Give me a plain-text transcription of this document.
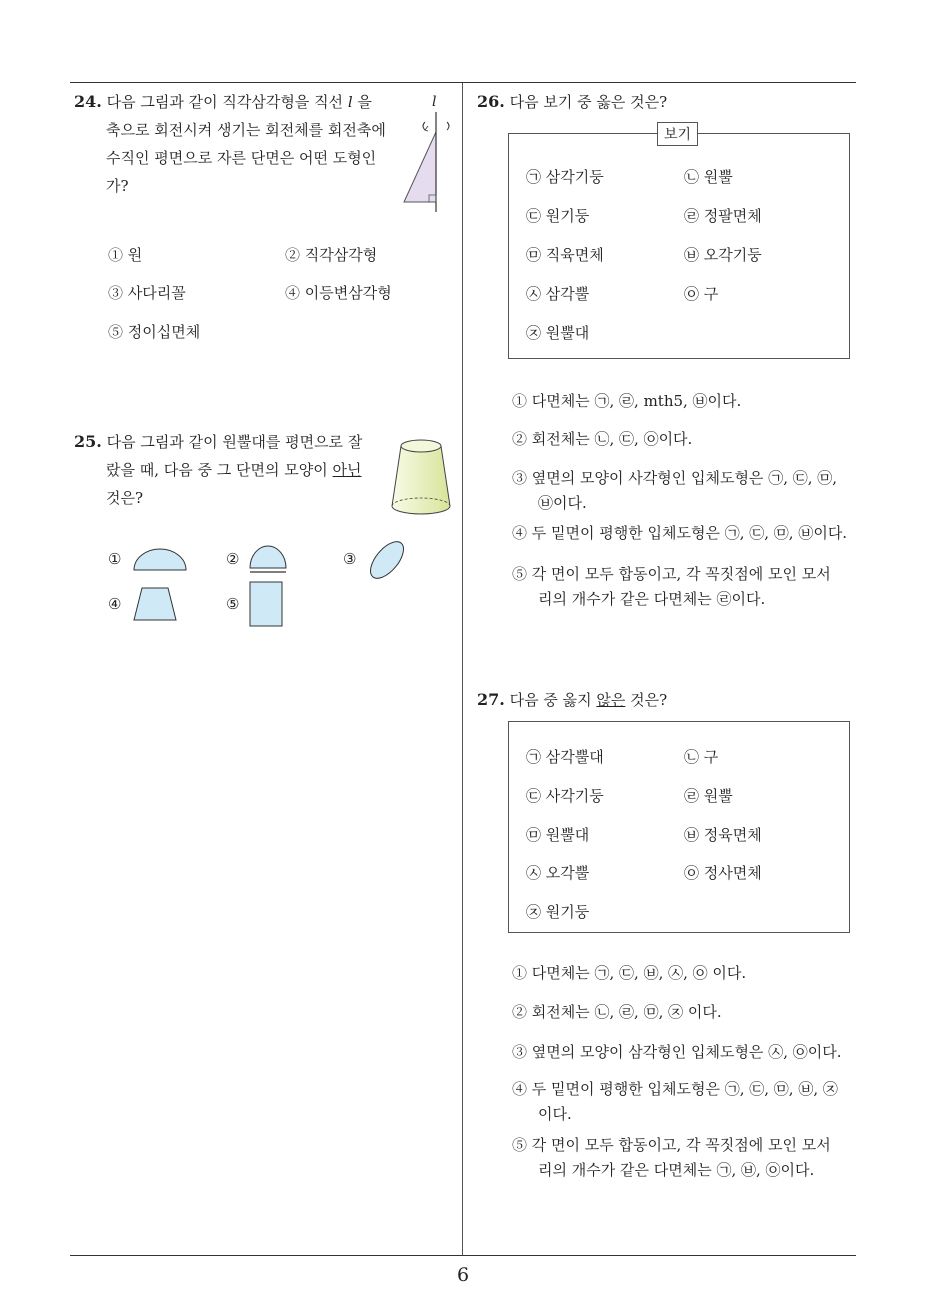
24. 다음 그림과 같이 직각삼각형을 직선 l 을
축으로 회전시켜 생기는 회전체를 회전축에
수직인 평면으로 자른 단면은 어떤 도형인
가?
l
① 원	② 직각삼각형
③ 사다리꼴	④ 이등변삼각형
⑤ 정이십면체
25. 다음 그림과 같이 원뿔대를 평면으로 잘
랐을 때, 다음 중 그 단면의 모양이 아닌
것은?
①	②	③
④	⑤
26. 다음 보기 중 옳은 것은?
보기
㉠ 삼각기둥	㉡ 원뿔
㉢ 원기둥	㉣ 정팔면체
㉤ 직육면체	㉥ 오각기둥
㉦ 삼각뿔	㉧ 구
㉨ 원뿔대
① 다면체는 ㉠, ㉣, mth5, ㉥이다.
② 회전체는 ㉡, ㉢, ㉧이다.
③ 옆면의 모양이 사각형인 입체도형은 ㉠, ㉢, ㉤,
㉥이다.
④ 두 밑면이 평행한 입체도형은 ㉠, ㉢, ㉤, ㉥이다.
⑤ 각 면이 모두 합동이고, 각 꼭짓점에 모인 모서
리의 개수가 같은 다면체는 ㉣이다.
27. 다음 중 옳지 않은 것은?
㉠ 삼각뿔대	㉡ 구
㉢ 사각기둥	㉣ 원뿔
㉤ 원뿔대	㉥ 정육면체
㉦ 오각뿔	㉧ 정사면체
㉨ 원기둥
① 다면체는 ㉠, ㉢, ㉥, ㉦, ㉧ 이다.
② 회전체는 ㉡, ㉣, ㉤, ㉨ 이다.
③ 옆면의 모양이 삼각형인 입체도형은 ㉦, ㉧이다.
④ 두 밑면이 평행한 입체도형은 ㉠, ㉢, ㉤, ㉥, ㉨
이다.
⑤ 각 면이 모두 합동이고, 각 꼭짓점에 모인 모서
리의 개수가 같은 다면체는 ㉠, ㉥, ㉧이다.
6
